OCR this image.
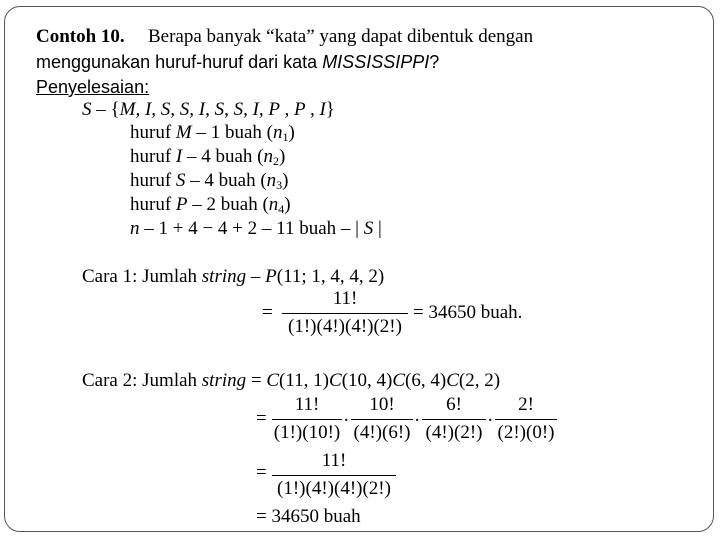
Contoh 10. Berapa banyak “kata” yang dapat dibentuk dengan
menggunakan huruf-huruf dari kata MISSISSIPPI?
Penyelesaian:
S – {M, I, S, S, I, S, S, I, P , P , I}
huruf M – 1 buah $(n_1)$
huruf I – 4 buah $(n_2)$
huruf S – 4 buah $(n_3)$
huruf P – 2 buah $(n_4)$
n – 1 + 4 − 4 + 2 – 11 buah – | S |
Cara 1: Jumlah string – P(11; 1, 4, 4, 2)
=
11!
(1!)(4!)(4!)(2!)
= 34650 buah.
Cara 2: Jumlah string = C(11, 1)C(10, 4)C(6, 4)C(2, 2)
=
11!
(1!)(10!)
·
10!
(4!)(6!)
·
6!
(4!)(2!)
·
2!
(2!)(0!)
=
11!
(1!)(4!)(4!)(2!)
= 34650 buah
